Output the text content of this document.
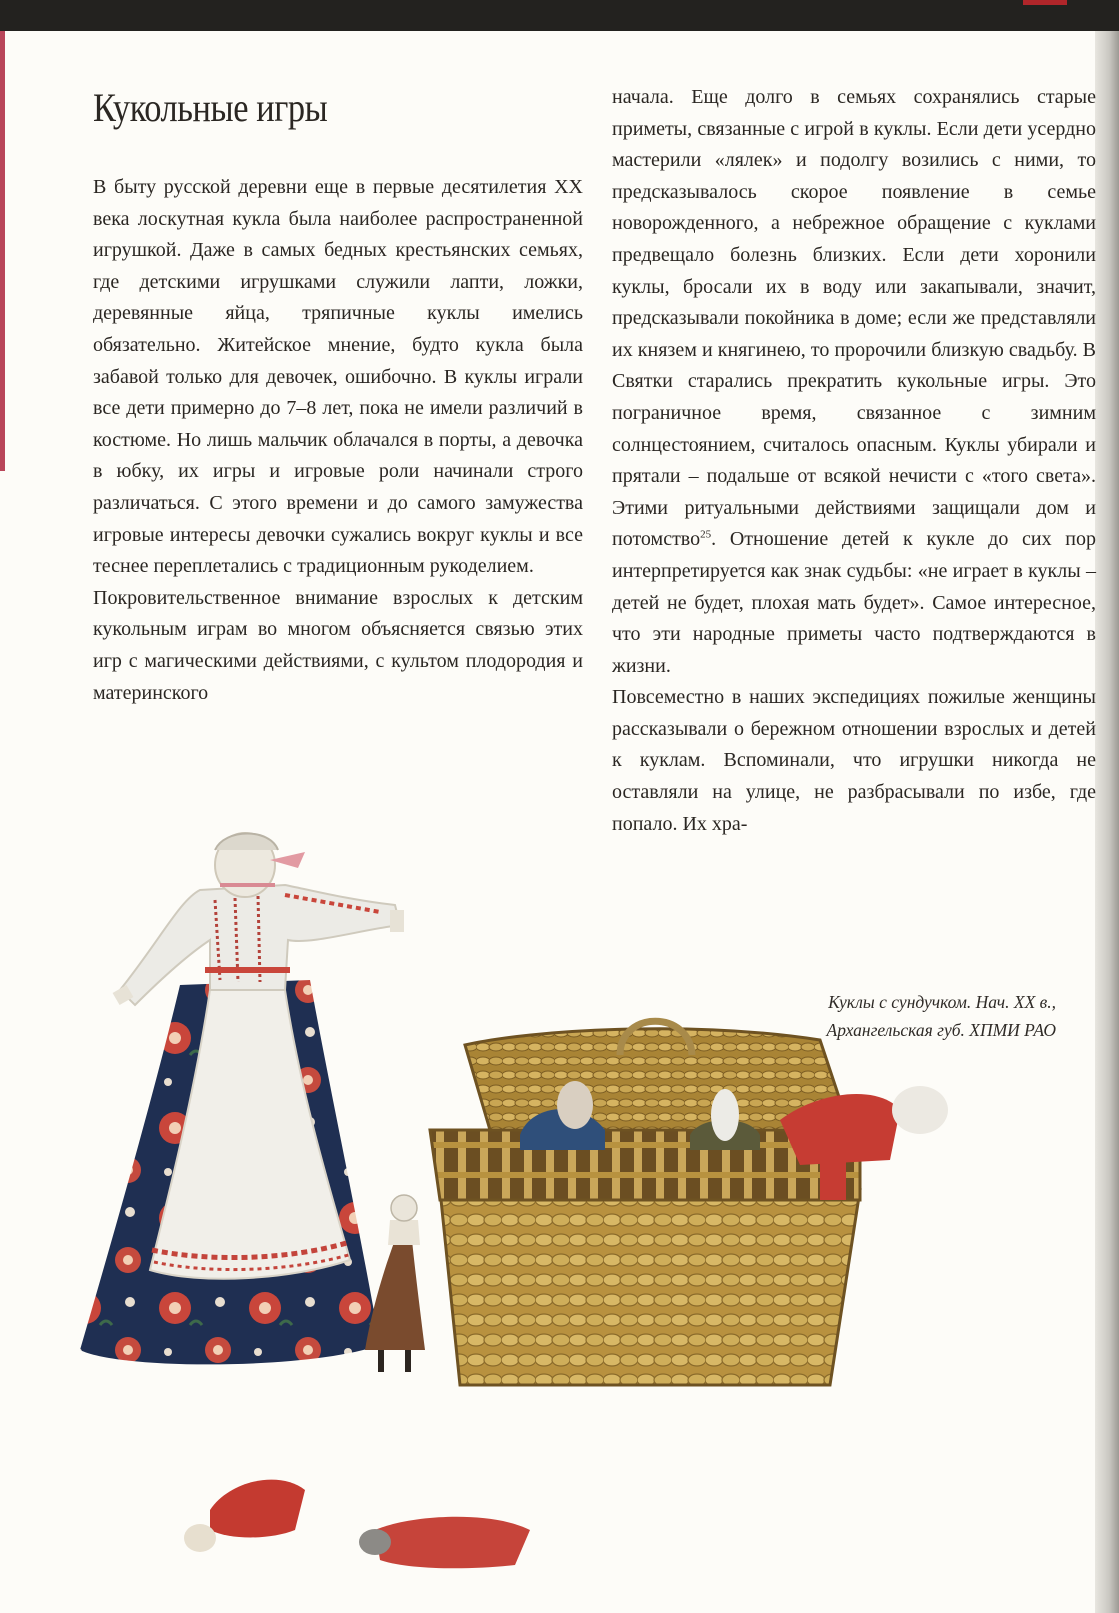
Кукольные игры

В быту русской деревни еще в первые десятилетия XX века лоскутная кукла была наиболее распространенной игрушкой. Даже в самых бедных крестьянских семьях, где детскими игрушками служили лапти, ложки, деревянные яйца, тряпичные куклы имелись обязательно. Житейское мнение, будто кукла была забавой только для девочек, ошибочно. В куклы играли все дети примерно до 7–8 лет, пока не имели различий в костюме. Но лишь мальчик облачался в порты, а девочка в юбку, их игры и игровые роли начинали строго различаться. С этого времени и до самого замужества игровые интересы девочки сужались вокруг куклы и все теснее переплетались с традиционным рукоделием.

Покровительственное внимание взрослых к детским кукольным играм во многом объясняется связью этих игр с магическими действиями, с культом плодородия и материнского

начала. Еще долго в семьях сохранялись старые приметы, связанные с игрой в куклы. Если дети усердно мастерили «лялек» и подолгу возились с ними, то предсказывалось скорое появление в семье новорожденного, а небрежное обращение с куклами предвещало болезнь близких. Если дети хоронили куклы, бросали их в воду или закапывали, значит, предсказывали покойника в доме; если же представляли их князем и княгинею, то пророчили близкую свадьбу. В Святки старались прекратить кукольные игры. Это пограничное время, связанное с зимним солнцестоянием, считалось опасным. Куклы убирали и прятали – подальше от всякой нечисти с «того света». Этими ритуальными действиями защищали дом и потомство$^{25}$. Отношение детей к кукле до сих пор интерпретируется как знак судьбы: «не играет в куклы – детей не будет, плохая мать будет». Самое интересное, что эти народные приметы часто подтверждаются в жизни.

Повсеместно в наших экспедициях пожилые женщины рассказывали о бережном отношении взрослых и детей к куклам. Вспоминали, что игрушки никогда не оставляли на улице, не разбрасывали по избе, где попало. Их хра-

Куклы с сундучком. Нач. XX в.,
Архангельская губ. ХПМИ РАО
